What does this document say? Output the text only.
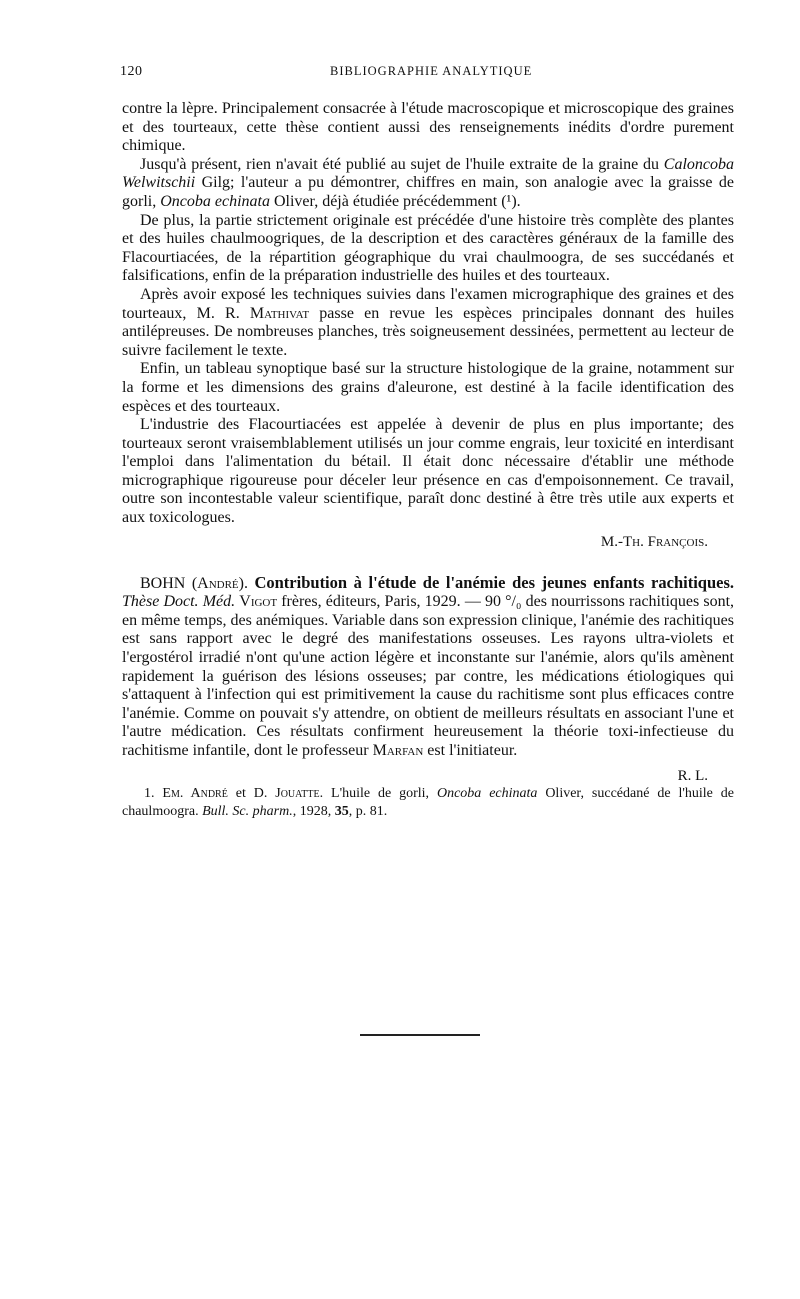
120	BIBLIOGRAPHIE ANALYTIQUE

contre la lèpre. Principalement consacrée à l'étude macroscopique et microscopique des graines et des tourteaux, cette thèse contient aussi des renseignements inédits d'ordre purement chimique.

Jusqu'à présent, rien n'avait été publié au sujet de l'huile extraite de la graine du Caloncoba Welwitschii Gilg; l'auteur a pu démontrer, chiffres en main, son analogie avec la graisse de gorli, Oncoba echinata Oliver, déjà étudiée précédemment (¹).

De plus, la partie strictement originale est précédée d'une histoire très complète des plantes et des huiles chaulmoogriques, de la description et des caractères généraux de la famille des Flacourtiacées, de la répartition géographique du vrai chaulmoogra, de ses succédanés et falsifications, enfin de la préparation industrielle des huiles et des tourteaux.

Après avoir exposé les techniques suivies dans l'examen micrographique des graines et des tourteaux, M. R. Mathivat passe en revue les espèces principales donnant des huiles antilépreuses. De nombreuses planches, très soigneusement dessinées, permettent au lecteur de suivre facilement le texte.

Enfin, un tableau synoptique basé sur la structure histologique de la graine, notamment sur la forme et les dimensions des grains d'aleurone, est destiné à la facile identification des espèces et des tourteaux.

L'industrie des Flacourtiacées est appelée à devenir de plus en plus importante; des tourteaux seront vraisemblablement utilisés un jour comme engrais, leur toxicité en interdisant l'emploi dans l'alimentation du bétail. Il était donc nécessaire d'établir une méthode micrographique rigoureuse pour déceler leur présence en cas d'empoisonnement. Ce travail, outre son incontestable valeur scientifique, paraît donc destiné à être très utile aux experts et aux toxicologues.

M.-Th. François.

BOHN (André). Contribution à l'étude de l'anémie des jeunes enfants rachitiques. Thèse Doct. Méd. Vigot frères, éditeurs, Paris, 1929. — 90 °/₀ des nourrissons rachitiques sont, en même temps, des anémiques. Variable dans son expression clinique, l'anémie des rachitiques est sans rapport avec le degré des manifestations osseuses. Les rayons ultra-violets et l'ergostérol irradié n'ont qu'une action légère et inconstante sur l'anémie, alors qu'ils amènent rapidement la guérison des lésions osseuses; par contre, les médications étiologiques qui s'attaquent à l'infection qui est primitivement la cause du rachitisme sont plus efficaces contre l'anémie. Comme on pouvait s'y attendre, on obtient de meilleurs résultats en associant l'une et l'autre médication. Ces résultats confirment heureusement la théorie toxi-infectieuse du rachitisme infantile, dont le professeur Marfan est l'initiateur.

R. L.

1. Em. André et D. Jouatte. L'huile de gorli, Oncoba echinata Oliver, succédané de l'huile de chaulmoogra. Bull. Sc. pharm., 1928, 35, p. 81.
